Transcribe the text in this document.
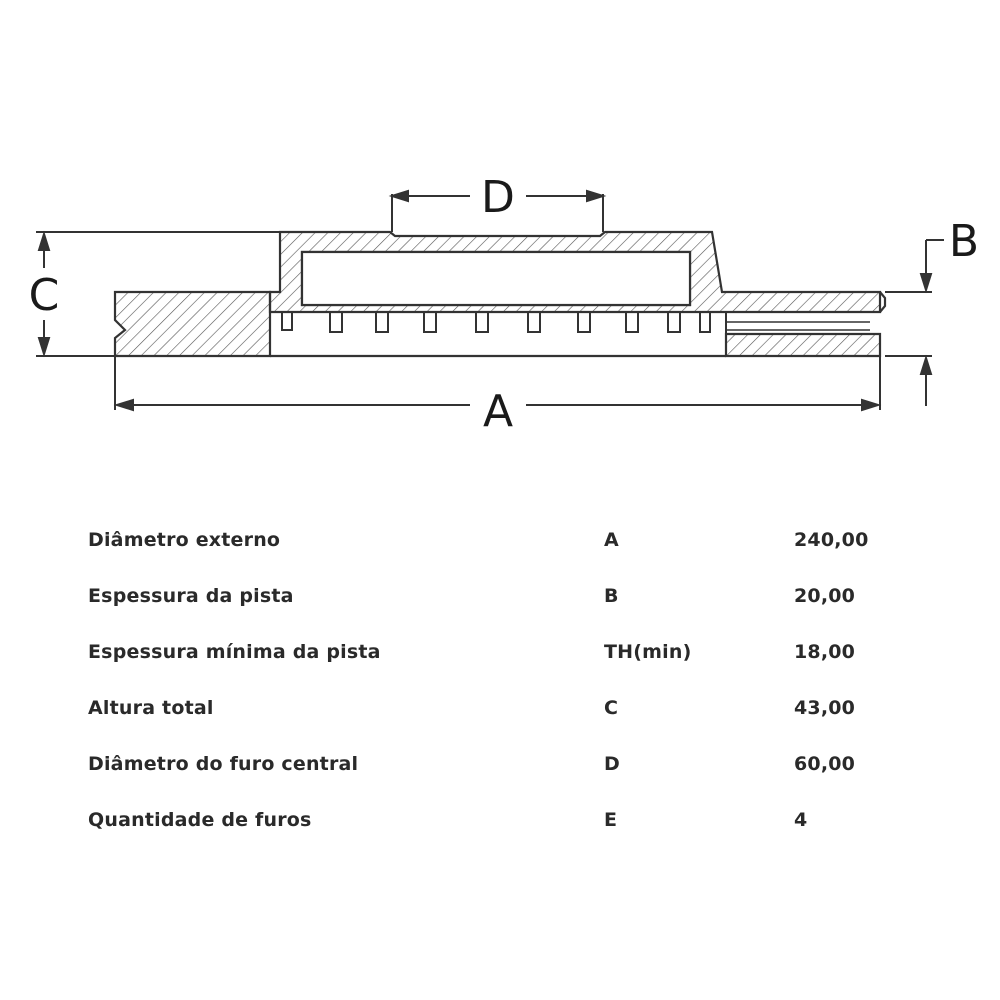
D
C
A
B
Diâmetro externo	A	240,00
Espessura da pista	B	20,00
Espessura mínima da pista	TH(min)	18,00
Altura total	C	43,00
Diâmetro do furo central	D	60,00
Quantidade de furos	E	4
